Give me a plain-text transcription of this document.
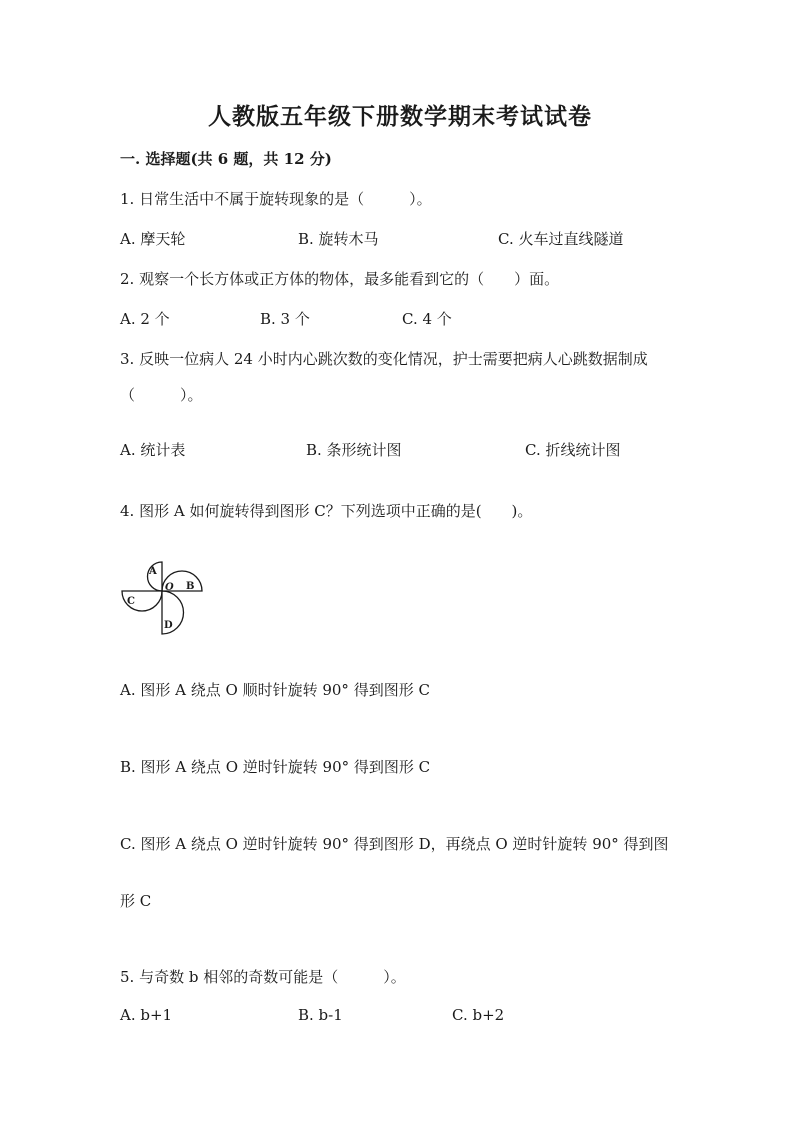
人教版五年级下册数学期末考试试卷
一. 选择题(共 6 题，共 12 分)
1. 日常生活中不属于旋转现象的是（　　　）。
A. 摩天轮	B. 旋转木马	C. 火车过直线隧道
2. 观察一个长方体或正方体的物体，最多能看到它的（　　）面。
A. 2 个	B. 3 个	C. 4 个
3. 反映一位病人 24 小时内心跳次数的变化情况，护士需要把病人心跳数据制成
（　　　）。
A. 统计表	B. 条形统计图	C. 折线统计图
4. 图形 A 如何旋转得到图形 C？下列选项中正确的是(　　)。
A
B
C
D
O
A. 图形 A 绕点 O 顺时针旋转 90° 得到图形 C
B. 图形 A 绕点 O 逆时针旋转 90° 得到图形 C
C. 图形 A 绕点 O 逆时针旋转 90° 得到图形 D，再绕点 O 逆时针旋转 90° 得到图
形 C
5. 与奇数 b 相邻的奇数可能是（　　　）。
A. b+1	B. b-1	C. b+2
